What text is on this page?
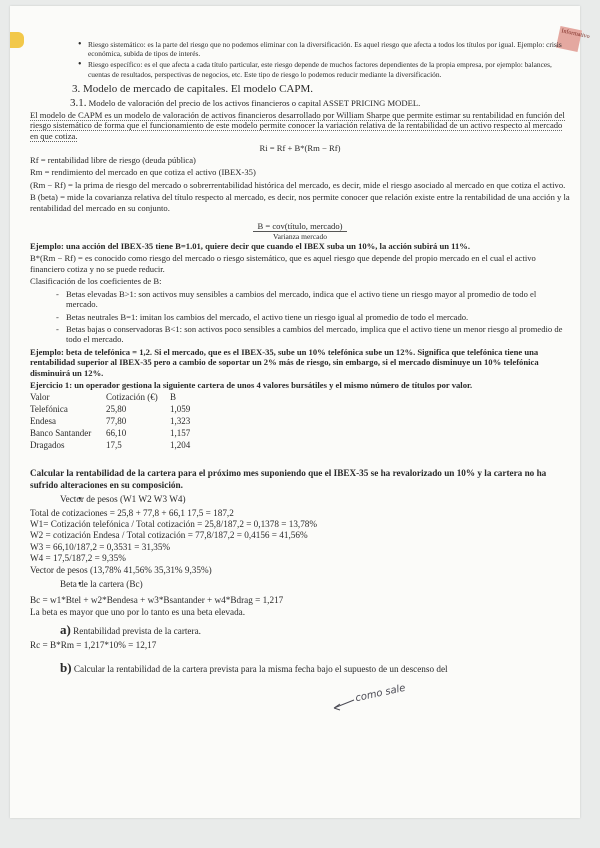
Informativo
• Riesgo sistemático: es la parte del riesgo que no podemos eliminar con la diversificación. Es aquel riesgo que afecta a todos los títulos por igual. Ejemplo: crisis económica, subida de tipos de interés.
• Riesgo específico: es el que afecta a cada título particular, este riesgo depende de muchos factores dependientes de la propia empresa, por ejemplo: balances, cuentas de resultados, perspectivas de negocios, etc. Este tipo de riesgo lo podemos reducir mediante la diversificación.
3. Modelo de mercado de capitales. El modelo CAPM.
3.1. Modelo de valoración del precio de los activos financieros o capital ASSET PRICING MODEL.

El modelo de CAPM es un modelo de valoración de activos financieros desarrollado por William Sharpe que permite estimar su rentabilidad en función del riesgo sistemático de forma que el funcionamiento de este modelo permite conocer la variación relativa de la rentabilidad de un activo respecto al mercado en que cotiza.

Ri = Rf + B*(Rm − Rf)

Rf = rentabilidad libre de riesgo (deuda pública)

Rm = rendimiento del mercado en que cotiza el activo (IBEX-35)

(Rm − Rf) = la prima de riesgo del mercado o sobrerrentabilidad histórica del mercado, es decir, mide el riesgo asociado al mercado en que cotiza el activo.

B (beta) = mide la covarianza relativa del título respecto al mercado, es decir, nos permite conocer que relación existe entre la rentabilidad de una acción y la rentabilidad del mercado en su conjunto.

B = cov(título, mercado)
Varianza mercado

Ejemplo: una acción del IBEX-35 tiene B=1.01, quiere decir que cuando el IBEX suba un 10%, la acción subirá un 11%.

B*(Rm − Rf) = es conocido como riesgo del mercado o riesgo sistemático, que es aquel riesgo que depende del propio mercado en el cual el activo financiero cotiza y no se puede reducir.

Clasificación de los coeficientes de B:

- Betas elevadas B>1: son activos muy sensibles a cambios del mercado, indica que el activo tiene un riesgo mayor al promedio de todo el mercado.
- Betas neutrales B=1: imitan los cambios del mercado, el activo tiene un riesgo igual al promedio de todo el mercado.
- Betas bajas o conservadoras B<1: son activos poco sensibles a cambios del mercado, implica que el activo tiene un menor riesgo al promedio de todo el mercado.

Ejemplo: beta de telefónica = 1,2. Si el mercado, que es el IBEX-35, sube un 10% telefónica sube un 12%. Significa que telefónica tiene una rentabilidad superior al IBEX-35 pero a cambio de soportar un 2% más de riesgo, sin embargo, si el mercado disminuye un 10% telefónica disminuirá un 12%.

Ejercicio 1: un operador gestiona la siguiente cartera de unos 4 valores bursátiles y el mismo número de títulos por valor.

Valor	Cotización (€)	B
Telefónica	25,80	1,059
Endesa	77,80	1,323
Banco Santander	66,10	1,157
Dragados	17,5	1,204

Calcular la rentabilidad de la cartera para el próximo mes suponiendo que el IBEX-35 se ha revalorizado un 10% y la cartera no ha sufrido alteraciones en su composición.

• Vector de pesos (W1 W2 W3 W4)
Total de cotizaciones = 25,8 + 77,8 + 66,1 17,5 = 187,2
W1= Cotización telefónica / Total cotización = 25,8/187,2 = 0,1378 = 13,78%
W2 = cotización Endesa / Total cotización = 77,8/187,2 = 0,4156 = 41,56%
W3 = 66,10/187,2 = 0,3531 = 31,35%
W4 = 17,5/187,2 = 9,35%
Vector de pesos (13,78% 41,56% 35,31% 9,35%)
• Beta de la cartera (Bc)
Bc = w1*Btel + w2*Bendesa + w3*Bsantander + w4*Bdrag = 1,217
La beta es mayor que uno por lo tanto es una beta elevada.
a) Rentabilidad prevista de la cartera.
Rc = B*Rm = 1,217*10% = 12,17
b) Calcular la rentabilidad de la cartera prevista para la misma fecha bajo el supuesto de un descenso del
como sale
